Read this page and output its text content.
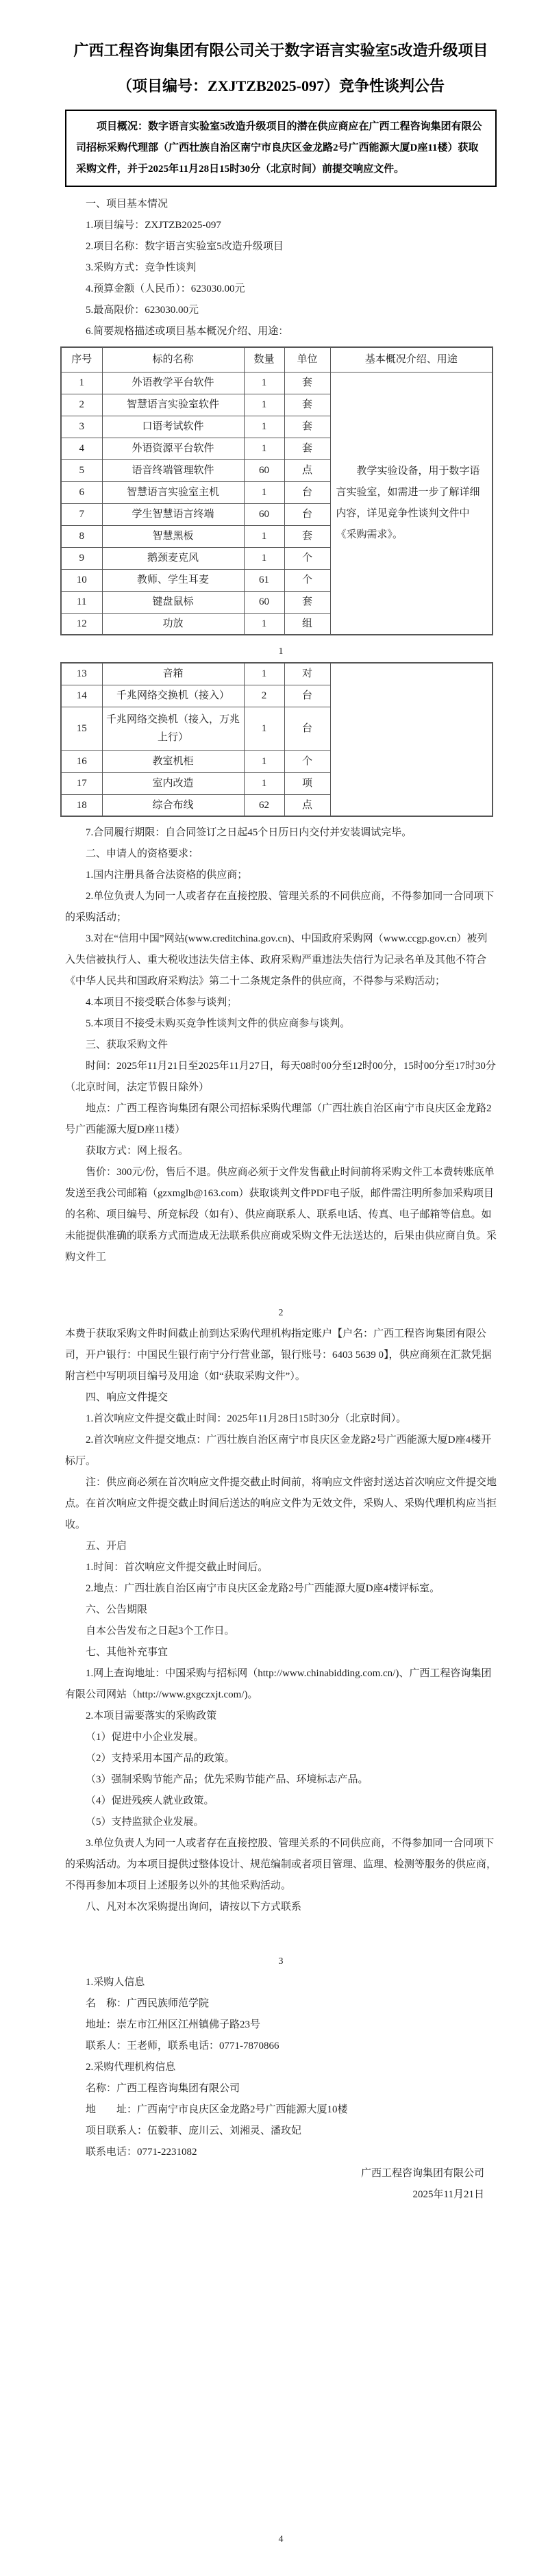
广西工程咨询集团有限公司关于数字语言实验室5改造升级项目
（项目编号：ZXJTZB2025-097）竞争性谈判公告

项目概况：数字语言实验室5改造升级项目的潜在供应商应在广西工程咨询集团有限公司招标采购代理部（广西壮族自治区南宁市良庆区金龙路2号广西能源大厦D座11楼）获取采购文件，并于2025年11月28日15时30分（北京时间）前提交响应文件。

一、项目基本情况

1.项目编号：ZXJTZB2025-097

2.项目名称：数字语言实验室5改造升级项目

3.采购方式：竞争性谈判

4.预算金额（人民币）：623030.00元

5.最高限价：623030.00元

6.简要规格描述或项目基本概况介绍、用途：

序号	标的名称	数量	单位	基本概况介绍、用途
1	外语教学平台软件	1	套	教学实验设备，用于数字语言实验室，如需进一步了解详细内容，详见竞争性谈判文件中《采购需求》。
2	智慧语言实验室软件	1	套	
3	口语考试软件	1	套	
4	外语资源平台软件	1	套	
5	语音终端管理软件	60	点	
6	智慧语言实验室主机	1	台	
7	学生智慧语言终端	60	台	
8	智慧黑板	1	套	
9	鹅颈麦克风	1	个	
10	教师、学生耳麦	61	个	
11	键盘鼠标	60	套	
12	功放	1	组	
1
13	音箱	1	对	
14	千兆网络交换机（接入）	2	台	
15	千兆网络交换机（接入，万兆上行）	1	台	
16	教室机柜	1	个	
17	室内改造	1	项	
18	综合布线	62	点	

7.合同履行期限：自合同签订之日起45个日历日内交付并安装调试完毕。

二、申请人的资格要求：

1.国内注册具备合法资格的供应商；

2.单位负责人为同一人或者存在直接控股、管理关系的不同供应商，不得参加同一合同项下的采购活动；

3.对在“信用中国”网站(www.creditchina.gov.cn)、中国政府采购网（www.ccgp.gov.cn）被列入失信被执行人、重大税收违法失信主体、政府采购严重违法失信行为记录名单及其他不符合《中华人民共和国政府采购法》第二十二条规定条件的供应商，不得参与采购活动；

4.本项目不接受联合体参与谈判；

5.本项目不接受未购买竞争性谈判文件的供应商参与谈判。

三、获取采购文件

时间：2025年11月21日至2025年11月27日，每天08时00分至12时00分，15时00分至17时30分（北京时间，法定节假日除外）

地点：广西工程咨询集团有限公司招标采购代理部（广西壮族自治区南宁市良庆区金龙路2号广西能源大厦D座11楼）

获取方式：网上报名。

售价：300元/份，售后不退。供应商必须于文件发售截止时间前将采购文件工本费转账底单发送至我公司邮箱（gzxmglb@163.com）获取谈判文件PDF电子版，邮件需注明所参加采购项目的名称、项目编号、所竞标段（如有）、供应商联系人、联系电话、传真、电子邮箱等信息。如未能提供准确的联系方式而造成无法联系供应商或采购文件无法送达的，后果由供应商自负。采购文件工

2

本费于获取采购文件时间截止前到达采购代理机构指定账户【户名：广西工程咨询集团有限公司，开户银行：中国民生银行南宁分行营业部，银行账号：6403 5639 0】，供应商须在汇款凭据附言栏中写明项目编号及用途（如“获取采购文件”）。

四、响应文件提交

1.首次响应文件提交截止时间：2025年11月28日15时30分（北京时间）。

2.首次响应文件提交地点：广西壮族自治区南宁市良庆区金龙路2号广西能源大厦D座4楼开标厅。

注：供应商必须在首次响应文件提交截止时间前，将响应文件密封送达首次响应文件提交地点。在首次响应文件提交截止时间后送达的响应文件为无效文件，采购人、采购代理机构应当拒收。

五、开启

1.时间：首次响应文件提交截止时间后。

2.地点：广西壮族自治区南宁市良庆区金龙路2号广西能源大厦D座4楼评标室。

六、公告期限

自本公告发布之日起3个工作日。

七、其他补充事宜

1.网上查询地址：中国采购与招标网（http://www.chinabidding.com.cn/)、广西工程咨询集团有限公司网站（http://www.gxgczxjt.com/)。

2.本项目需要落实的采购政策

（1）促进中小企业发展。

（2）支持采用本国产品的政策。

（3）强制采购节能产品；优先采购节能产品、环境标志产品。

（4）促进残疾人就业政策。

（5）支持监狱企业发展。

3.单位负责人为同一人或者存在直接控股、管理关系的不同供应商，不得参加同一合同项下的采购活动。为本项目提供过整体设计、规范编制或者项目管理、监理、检测等服务的供应商，不得再参加本项目上述服务以外的其他采购活动。

八、凡对本次采购提出询问，请按以下方式联系

3

1.采购人信息

名　称：广西民族师范学院

地址：崇左市江州区江州镇佛子路23号

联系人：王老师，联系电话：0771-7870866

2.采购代理机构信息

名称：广西工程咨询集团有限公司

地　　址：广西南宁市良庆区金龙路2号广西能源大厦10楼

项目联系人：伍毅菲、庞川云、刘湘灵、潘玫妃

联系电话：0771-2231082

广西工程咨询集团有限公司

2025年11月21日

4
